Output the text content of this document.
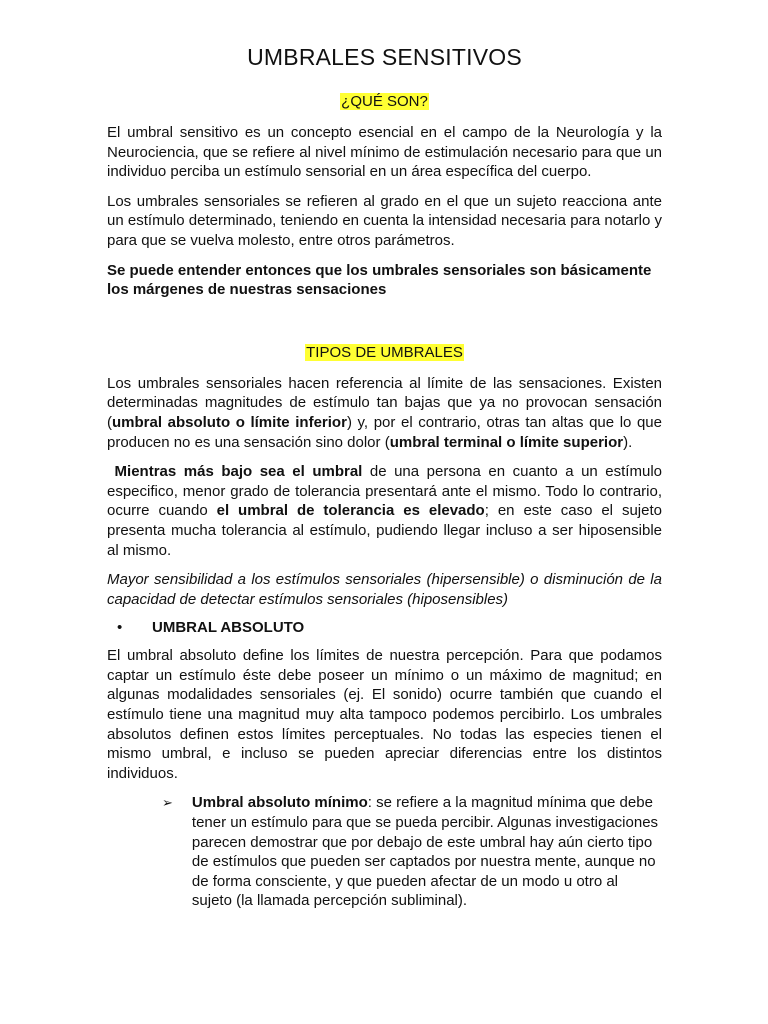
UMBRALES SENSITIVOS
¿QUÉ SON?

El umbral sensitivo es un concepto esencial en el campo de la Neurología y la Neurociencia, que se refiere al nivel mínimo de estimulación necesario para que un individuo perciba un estímulo sensorial en un área específica del cuerpo.

Los umbrales sensoriales se refieren al grado en el que un sujeto reacciona ante un estímulo determinado, teniendo en cuenta la intensidad necesaria para notarlo y para que se vuelva molesto, entre otros parámetros.

Se puede entender entonces que los umbrales sensoriales son básicamente los márgenes de nuestras sensaciones

TIPOS DE UMBRALES

Los umbrales sensoriales hacen referencia al límite de las sensaciones. Existen determinadas magnitudes de estímulo tan bajas que ya no provocan sensación (umbral absoluto o límite inferior) y, por el contrario, otras tan altas que lo que producen no es una sensación sino dolor (umbral terminal o límite superior).

Mientras más bajo sea el umbral de una persona en cuanto a un estímulo especifico, menor grado de tolerancia presentará ante el mismo. Todo lo contrario, ocurre cuando el umbral de tolerancia es elevado; en este caso el sujeto presenta mucha tolerancia al estímulo, pudiendo llegar incluso a ser hiposensible al mismo.

Mayor sensibilidad a los estímulos sensoriales (hipersensible) o disminución de la capacidad de detectar estímulos sensoriales (hiposensibles)

•	UMBRAL ABSOLUTO

El umbral absoluto define los límites de nuestra percepción. Para que podamos captar un estímulo éste debe poseer un mínimo o un máximo de magnitud; en algunas modalidades sensoriales (ej. El sonido) ocurre también que cuando el estímulo tiene una magnitud muy alta tampoco podemos percibirlo. Los umbrales absolutos definen estos límites perceptuales. No todas las especies tienen el mismo umbral, e incluso se pueden apreciar diferencias entre los distintos individuos.

➢ Umbral absoluto mínimo: se refiere a la magnitud mínima que debe tener un estímulo para que se pueda percibir. Algunas investigaciones parecen demostrar que por debajo de este umbral hay aún cierto tipo de estímulos que pueden ser captados por nuestra mente, aunque no de forma consciente, y que pueden afectar de un modo u otro al sujeto (la llamada percepción subliminal).
